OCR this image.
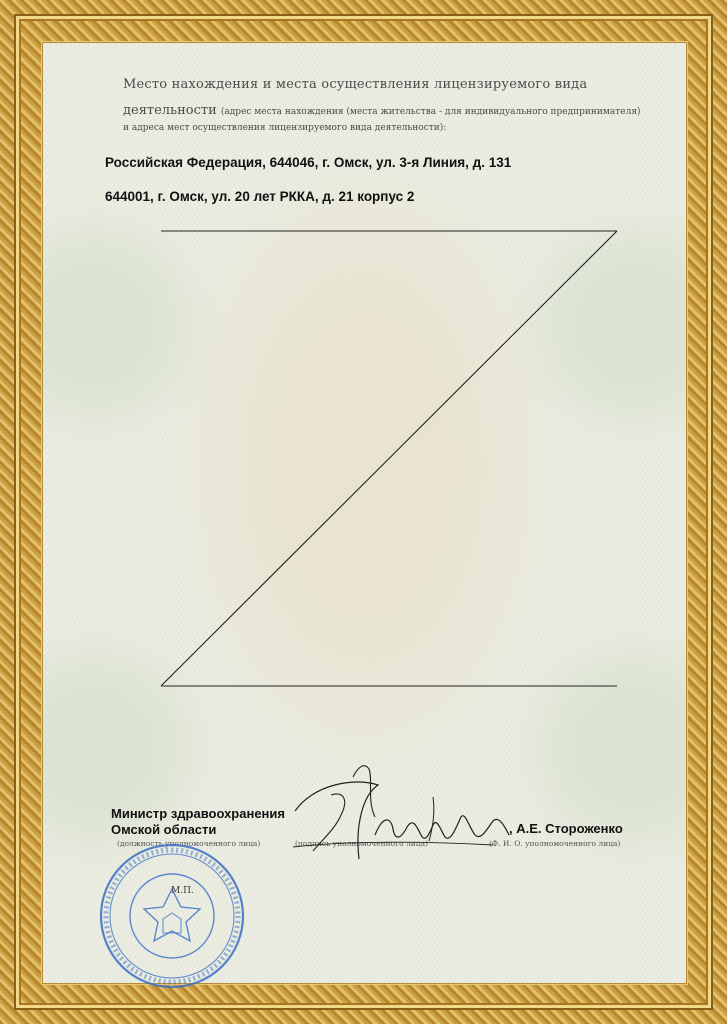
Место нахождения и места осуществления лицензируемого вида
деятельности (адрес места нахождения (места жительства - для индивидуального предпринимателя)
и адреса мест осуществления лицензируемого вида деятельности):
Российская Федерация, 644046, г. Омск, ул. 3-я Линия, д. 131
644001, г. Омск, ул. 20 лет РККА, д. 21 корпус 2
Министр здравоохранения
Омской области	, А.Е. Стороженко
(должность уполномоченного лица)	(подпись уполномоченного лица)	(Ф. И. О. уполномоченного лица)
М.П.
